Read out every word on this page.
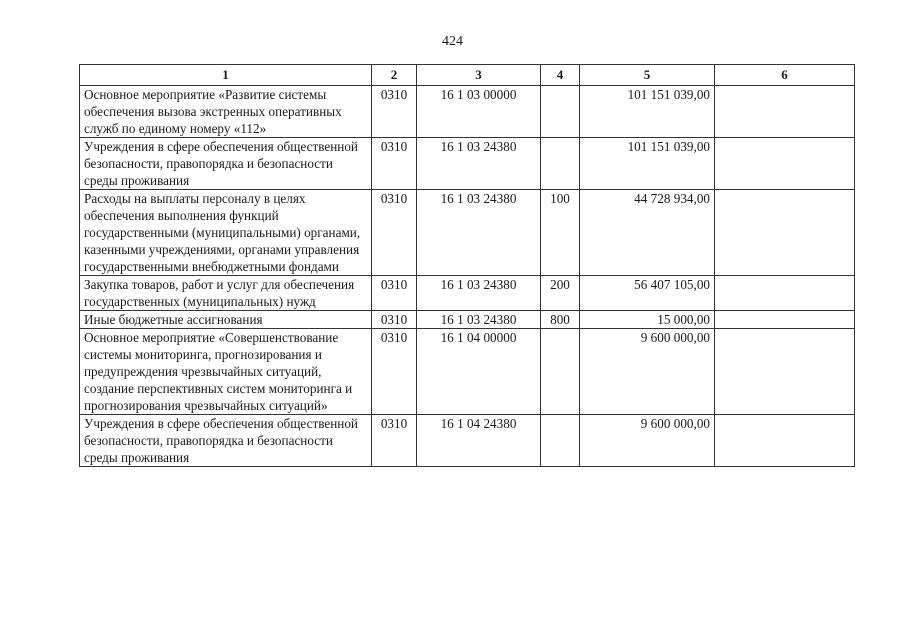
424
1	2	3	4	5	6
Основное мероприятие «Развитие системы обеспечения вызова экстренных оперативных служб по единому номеру «112»	0310	16 1 03 00000		101 151 039,00	
Учреждения в сфере обеспечения общественной безопасности, правопорядка и безопасности среды проживания	0310	16 1 03 24380		101 151 039,00	
Расходы на выплаты персоналу в целях обеспечения выполнения функций государственными (муниципальными) органами, казенными учреждениями, органами управления государственными внебюджетными фондами	0310	16 1 03 24380	100	44 728 934,00	
Закупка товаров, работ и услуг для обеспечения государственных (муниципальных) нужд	0310	16 1 03 24380	200	56 407 105,00	
Иные бюджетные ассигнования	0310	16 1 03 24380	800	15 000,00	
Основное мероприятие «Совершенствование системы мониторинга, прогнозирования и предупреждения чрезвычайных ситуаций, создание перспективных систем мониторинга и прогнозирования чрезвычайных ситуаций»	0310	16 1 04 00000		9 600 000,00	
Учреждения в сфере обеспечения общественной безопасности, правопорядка и безопасности среды проживания	0310	16 1 04 24380		9 600 000,00	
